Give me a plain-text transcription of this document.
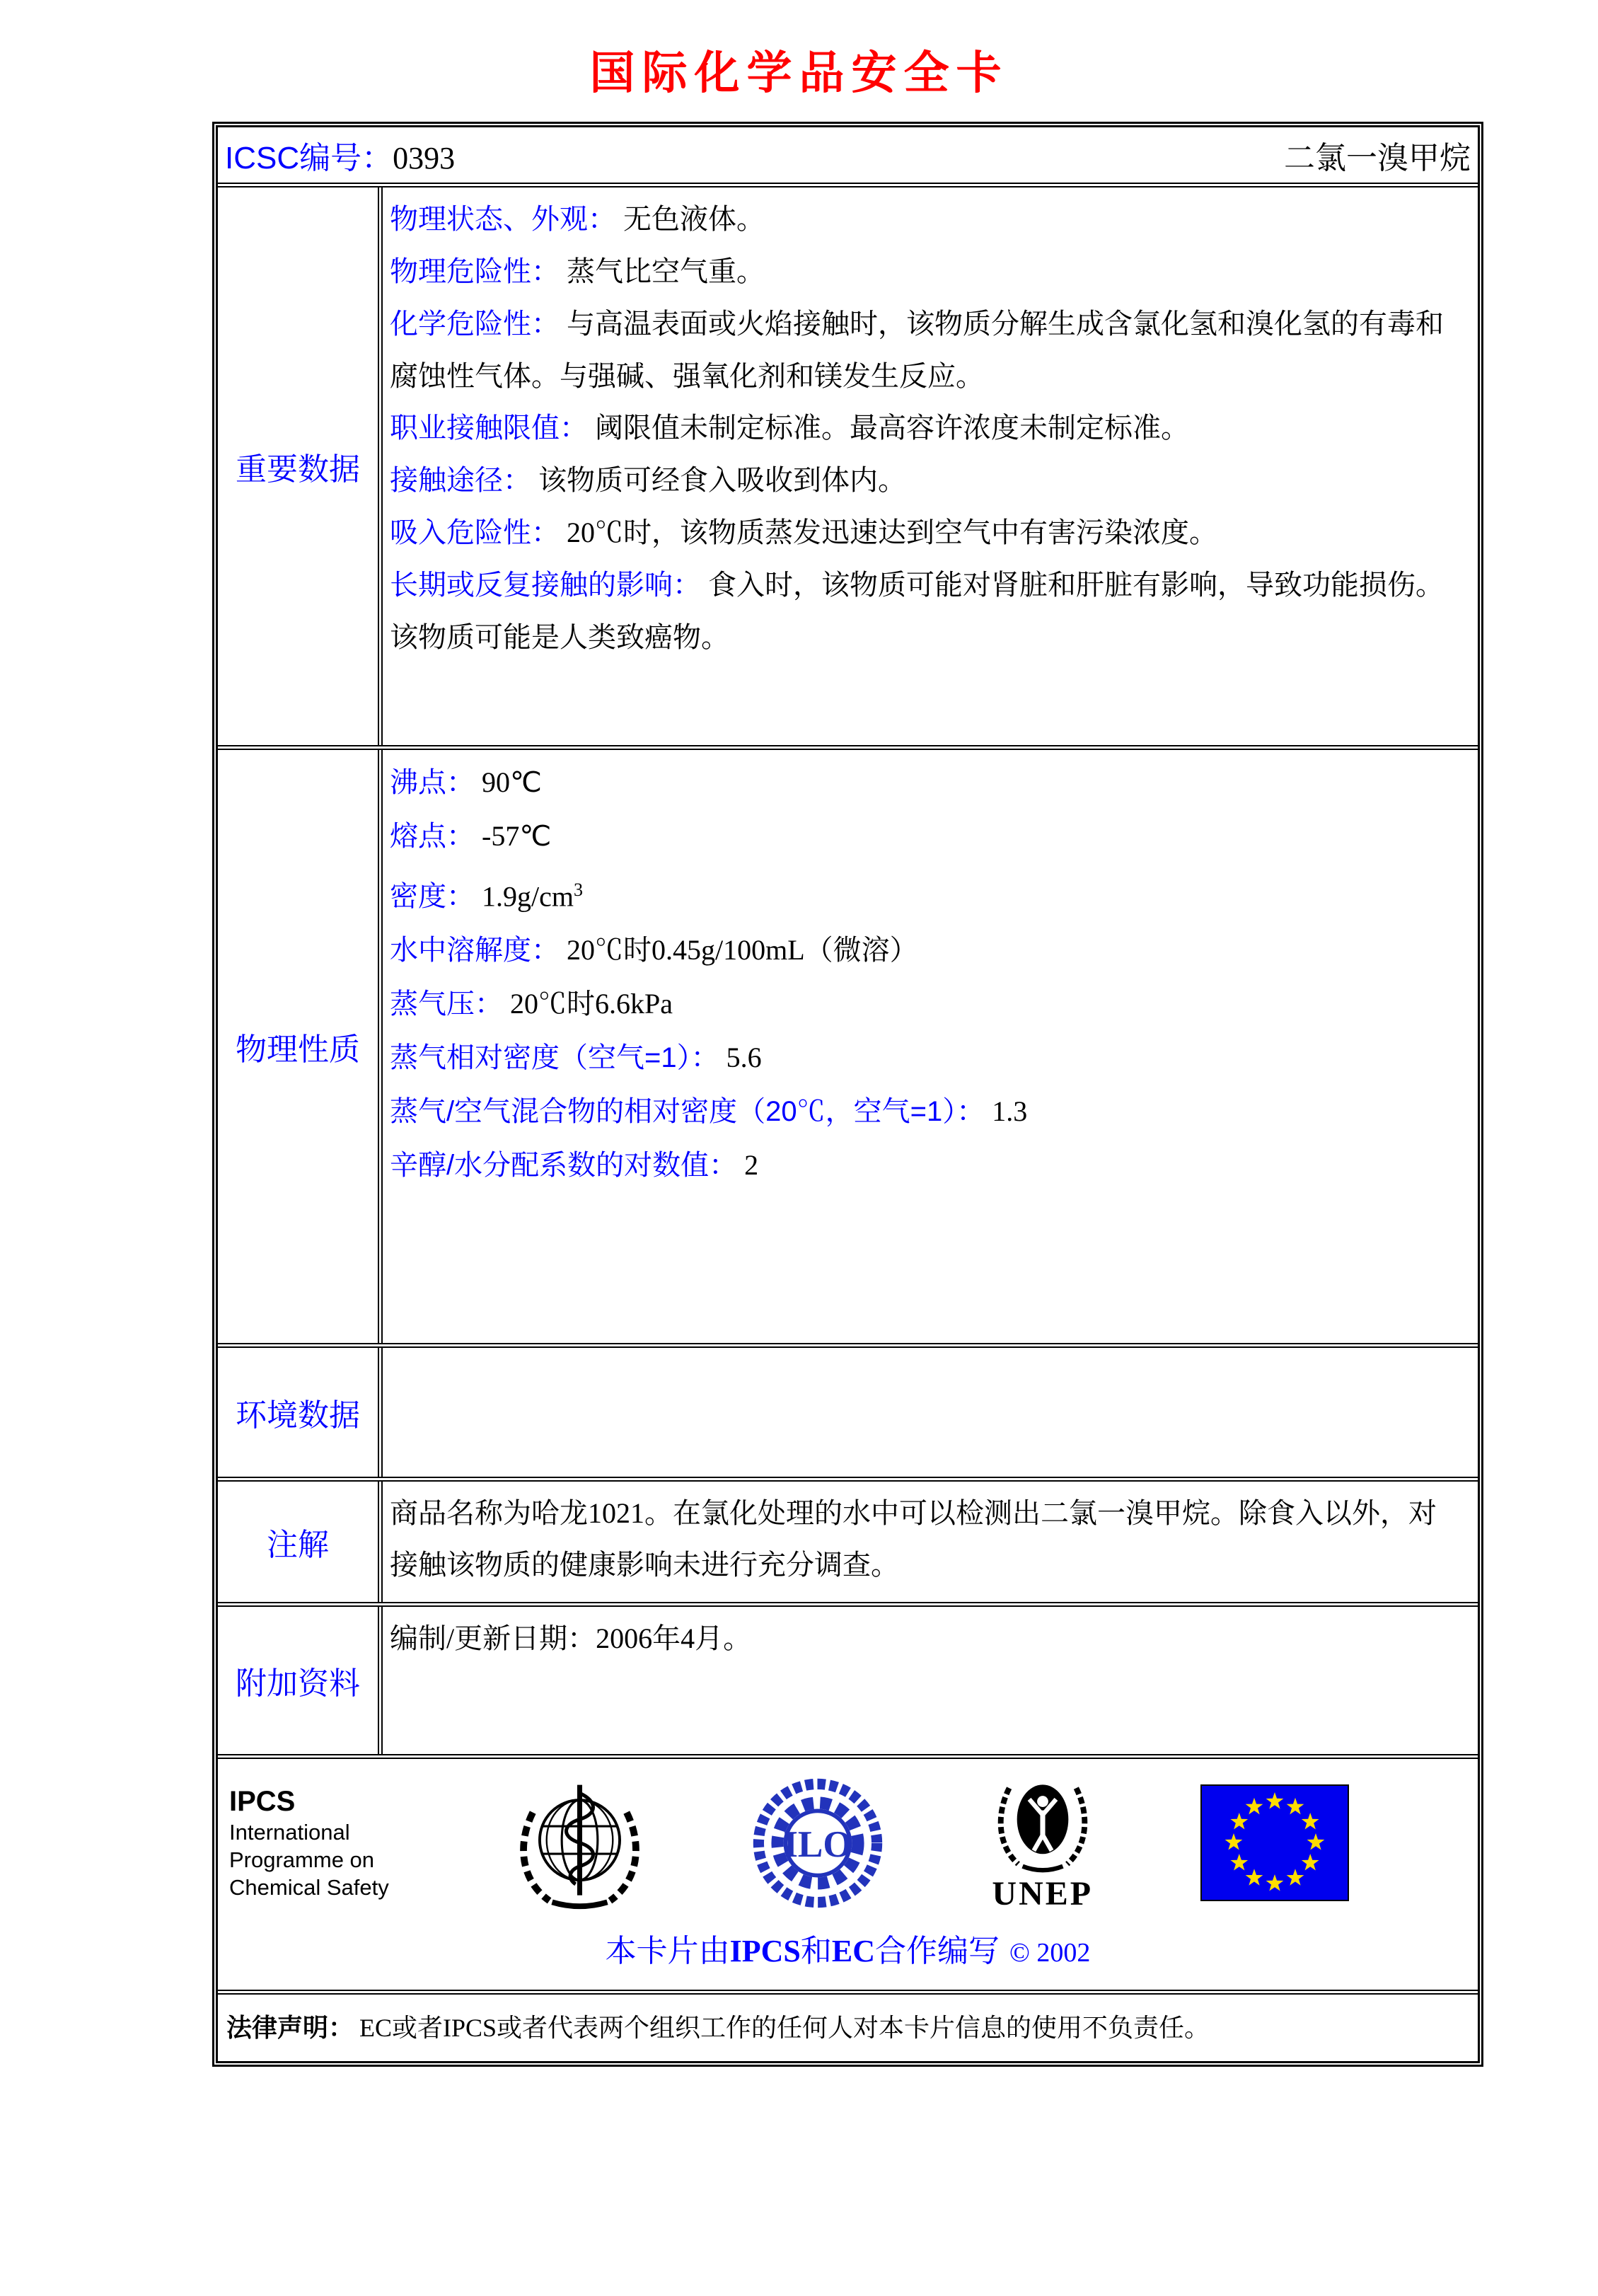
国际化学品安全卡
ICSC编号：0393	二氯一溴甲烷
重要数据
物理状态、外观： 无色液体。
物理危险性： 蒸气比空气重。
化学危险性： 与高温表面或火焰接触时，该物质分解生成含氯化氢和溴化氢的有毒和腐蚀性气体。与强碱、强氧化剂和镁发生反应。
职业接触限值： 阈限值未制定标准。最高容许浓度未制定标准。
接触途径： 该物质可经食入吸收到体内。
吸入危险性： 20℃时，该物质蒸发迅速达到空气中有害污染浓度。
长期或反复接触的影响： 食入时，该物质可能对肾脏和肝脏有影响，导致功能损伤。该物质可能是人类致癌物。
物理性质
沸点： 90℃
熔点： -57℃
密度： $1.9g/cm^3$
水中溶解度： 20℃时0.45g/100mL（微溶）
蒸气压： 20℃时6.6kPa
蒸气相对密度（空气=1）： 5.6
蒸气/空气混合物的相对密度（20℃，空气=1）： 1.3
辛醇/水分配系数的对数值： 2
环境数据
注解
商品名称为哈龙1021。在氯化处理的水中可以检测出二氯一溴甲烷。除食入以外，对接触该物质的健康影响未进行充分调查。
附加资料
编制/更新日期：2006年4月。
IPCS
International
Programme on
Chemical Safety
ILO
UNEP
本卡片由IPCS和EC合作编写 © 2002
法律声明： EC或者IPCS或者代表两个组织工作的任何人对本卡片信息的使用不负责任。
